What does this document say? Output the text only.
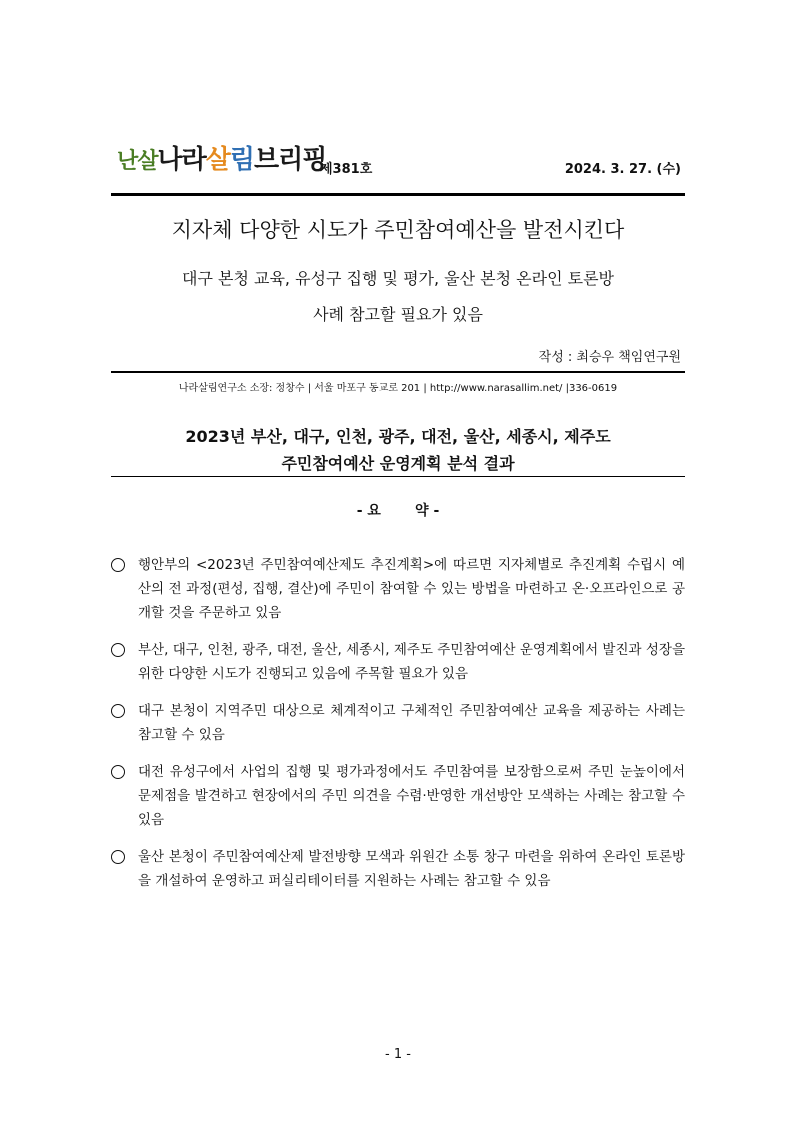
난살나라살림브리핑
제381호	2024. 3. 27. (수)
지자체 다양한 시도가 주민참여예산을 발전시킨다
대구 본청 교육, 유성구 집행 및 평가, 울산 본청 온라인 토론방
사례 참고할 필요가 있음
작성 : 최승우 책임연구원
나라살림연구소 소장: 정창수 | 서울 마포구 동교로 201 | http://www.narasallim.net/ |336-0619
2023년 부산, 대구, 인천, 광주, 대전, 울산, 세종시, 제주도
주민참여예산 운영계획 분석 결과
- 요       약 -
행안부의 <2023년 주민참여예산제도 추진계획>에 따르면 지자체별로 추진계획 수립시 예산의 전 과정(편성, 집행, 결산)에 주민이 참여할 수 있는 방법을 마련하고 온·오프라인으로 공개할 것을 주문하고 있음
부산, 대구, 인천, 광주, 대전, 울산, 세종시, 제주도 주민참여예산 운영계획에서 발진과 성장을 위한 다양한 시도가 진행되고 있음에 주목할 필요가 있음
대구 본청이 지역주민 대상으로 체계적이고 구체적인 주민참여예산 교육을 제공하는 사례는 참고할 수 있음
대전 유성구에서 사업의 집행 및 평가과정에서도 주민참여를 보장함으로써 주민 눈높이에서 문제점을 발견하고 현장에서의 주민 의견을 수렴·반영한 개선방안 모색하는 사례는 참고할 수 있음
울산 본청이 주민참여예산제 발전방향 모색과 위원간 소통 창구 마련을 위하여 온라인 토론방을 개설하여 운영하고 퍼실리테이터를 지원하는 사례는 참고할 수 있음
- 1 -
